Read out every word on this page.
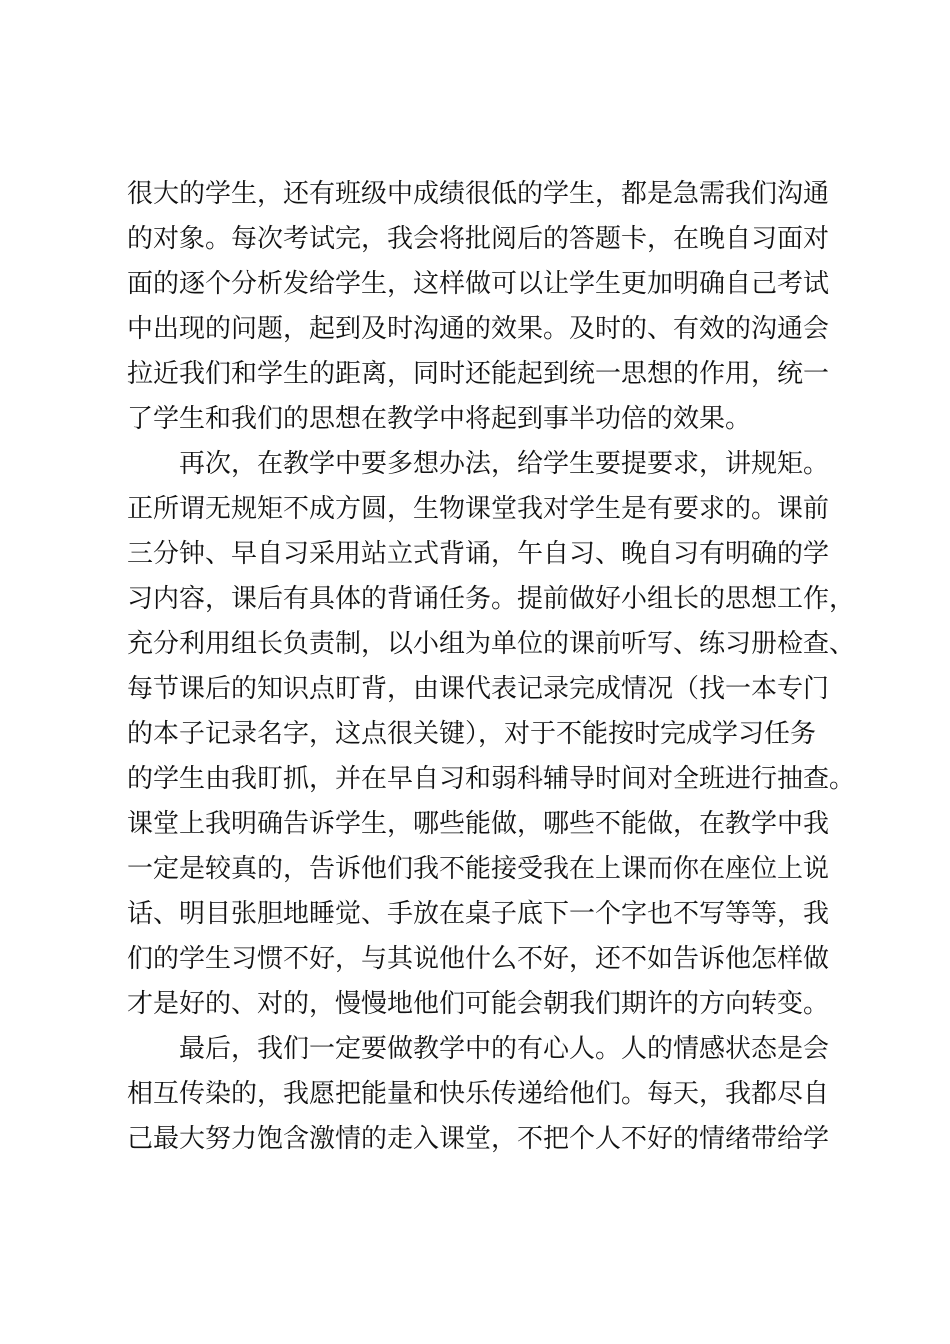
很大的学生，还有班级中成绩很低的学生，都是急需我们沟通
的对象。每次考试完，我会将批阅后的答题卡，在晚自习面对
面的逐个分析发给学生，这样做可以让学生更加明确自己考试
中出现的问题，起到及时沟通的效果。及时的、有效的沟通会
拉近我们和学生的距离，同时还能起到统一思想的作用，统一
了学生和我们的思想在教学中将起到事半功倍的效果。
再次，在教学中要多想办法，给学生要提要求，讲规矩。
正所谓无规矩不成方圆，生物课堂我对学生是有要求的。课前
三分钟、早自习采用站立式背诵，午自习、晚自习有明确的学
习内容，课后有具体的背诵任务。提前做好小组长的思想工作，
充分利用组长负责制，以小组为单位的课前听写、练习册检查、
每节课后的知识点盯背，由课代表记录完成情况（找一本专门
的本子记录名字，这点很关键），对于不能按时完成学习任务
的学生由我盯抓，并在早自习和弱科辅导时间对全班进行抽查。
课堂上我明确告诉学生，哪些能做，哪些不能做，在教学中我
一定是较真的，告诉他们我不能接受我在上课而你在座位上说
话、明目张胆地睡觉、手放在桌子底下一个字也不写等等，我
们的学生习惯不好，与其说他什么不好，还不如告诉他怎样做
才是好的、对的，慢慢地他们可能会朝我们期许的方向转变。
最后，我们一定要做教学中的有心人。人的情感状态是会
相互传染的，我愿把能量和快乐传递给他们。每天，我都尽自
己最大努力饱含激情的走入课堂，不把个人不好的情绪带给学
